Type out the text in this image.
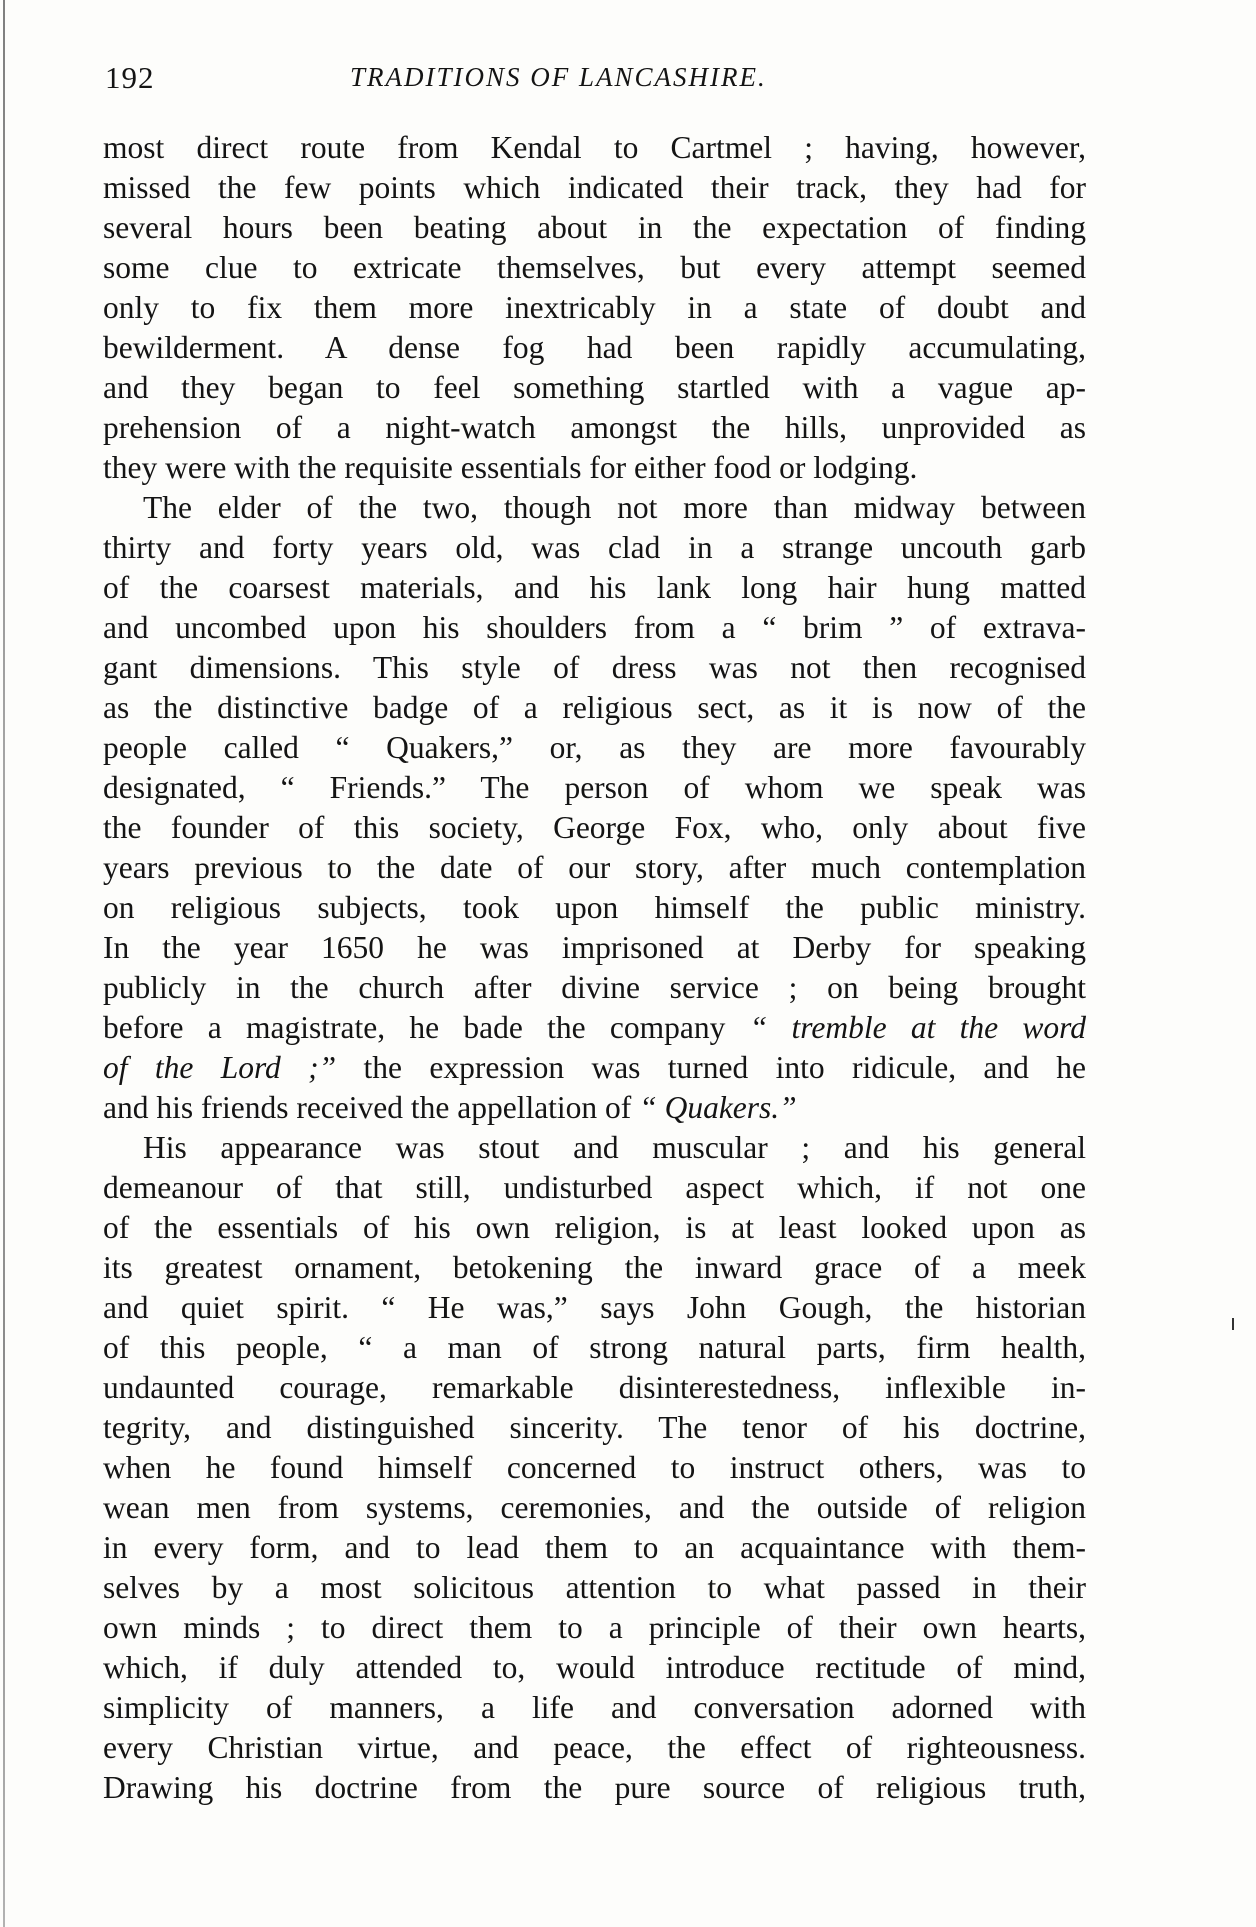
192	TRADITIONS OF LANCASHIRE.
most direct route from Kendal to Cartmel ; having, however,
missed the few points which indicated their track, they had for
several hours been beating about in the expectation of finding
some clue to extricate themselves, but every attempt seemed
only to fix them more inextricably in a state of doubt and
bewilderment. A dense fog had been rapidly accumulating,
and they began to feel something startled with a vague ap-
prehension of a night-watch amongst the hills, unprovided as
they were with the requisite essentials for either food or lodging.
The elder of the two, though not more than midway between
thirty and forty years old, was clad in a strange uncouth garb
of the coarsest materials, and his lank long hair hung matted
and uncombed upon his shoulders from a “ brim ” of extrava-
gant dimensions. This style of dress was not then recognised
as the distinctive badge of a religious sect, as it is now of the
people called “ Quakers,” or, as they are more favourably
designated, “ Friends.” The person of whom we speak was
the founder of this society, George Fox, who, only about five
years previous to the date of our story, after much contemplation
on religious subjects, took upon himself the public ministry.
In the year 1650 he was imprisoned at Derby for speaking
publicly in the church after divine service ; on being brought
before a magistrate, he bade the company “ tremble at the word
of the Lord ;” the expression was turned into ridicule, and he
and his friends received the appellation of “ Quakers.”
His appearance was stout and muscular ; and his general
demeanour of that still, undisturbed aspect which, if not one
of the essentials of his own religion, is at least looked upon as
its greatest ornament, betokening the inward grace of a meek
and quiet spirit. “ He was,” says John Gough, the historian
of this people, “ a man of strong natural parts, firm health,
undaunted courage, remarkable disinterestedness, inflexible in-
tegrity, and distinguished sincerity. The tenor of his doctrine,
when he found himself concerned to instruct others, was to
wean men from systems, ceremonies, and the outside of religion
in every form, and to lead them to an acquaintance with them-
selves by a most solicitous attention to what passed in their
own minds ; to direct them to a principle of their own hearts,
which, if duly attended to, would introduce rectitude of mind,
simplicity of manners, a life and conversation adorned with
every Christian virtue, and peace, the effect of righteousness.
Drawing his doctrine from the pure source of religious truth,
